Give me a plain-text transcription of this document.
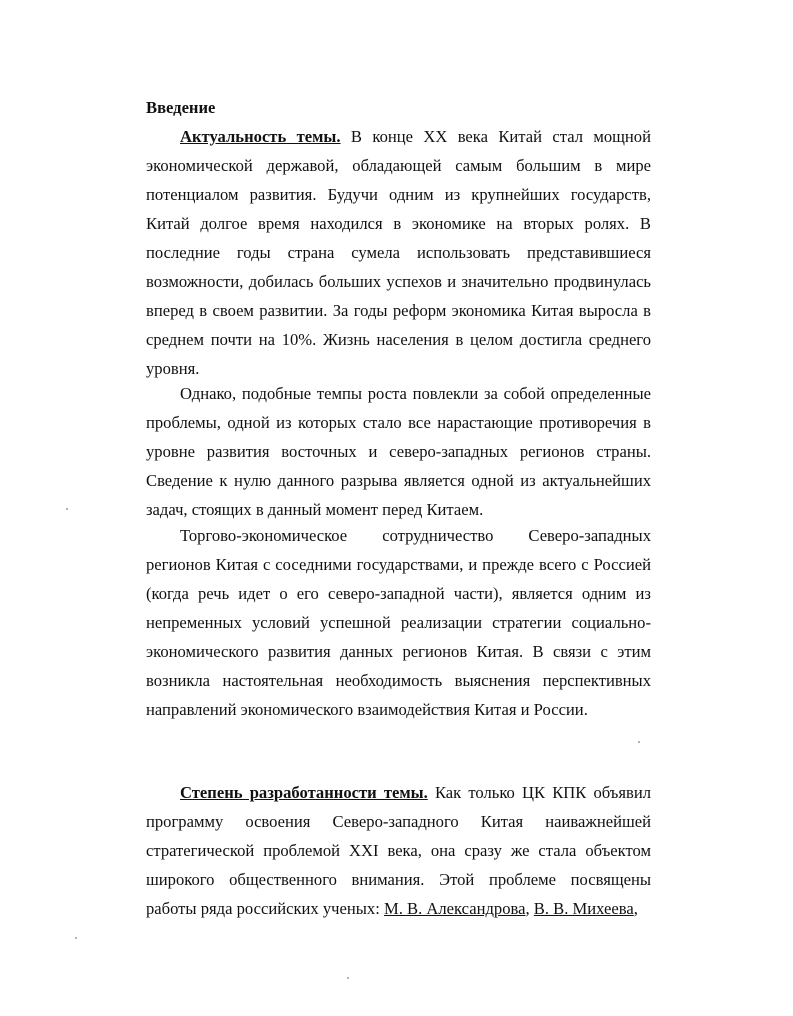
Введение

Актуальность темы. В конце XX века Китай стал мощной экономической державой, обладающей самым большим в мире потенциалом развития. Будучи одним из крупнейших государств, Китай долгое время находился в экономике на вторых ролях. В последние годы страна сумела использовать представившиеся возможности, добилась больших успехов и значительно продвинулась вперед в своем развитии. За годы реформ экономика Китая выросла в среднем почти на 10%. Жизнь населения в целом достигла среднего уровня.

Однако, подобные темпы роста повлекли за собой определенные проблемы, одной из которых стало все нарастающие противоречия в уровне развития восточных и северо-западных регионов страны. Сведение к нулю данного разрыва является одной из актуальнейших задач, стоящих в данный момент перед Китаем.

Торгово-экономическое сотрудничество Северо-западных регионов Китая с соседними государствами, и прежде всего с Россией (когда речь идет о его северо-западной части), является одним из непременных условий успешной реализации стратегии социально-экономического развития данных регионов Китая. В связи с этим возникла настоятельная необходимость выяснения перспективных направлений экономического взаимодействия Китая и России.

Степень разработанности темы. Как только ЦК КПК объявил программу освоения Северо-западного Китая наиважнейшей стратегической проблемой XXI века, она сразу же стала объектом широкого общественного внимания. Этой проблеме посвящены работы ряда российских ученых: М. В. Александрова, В. В. Михеева,
